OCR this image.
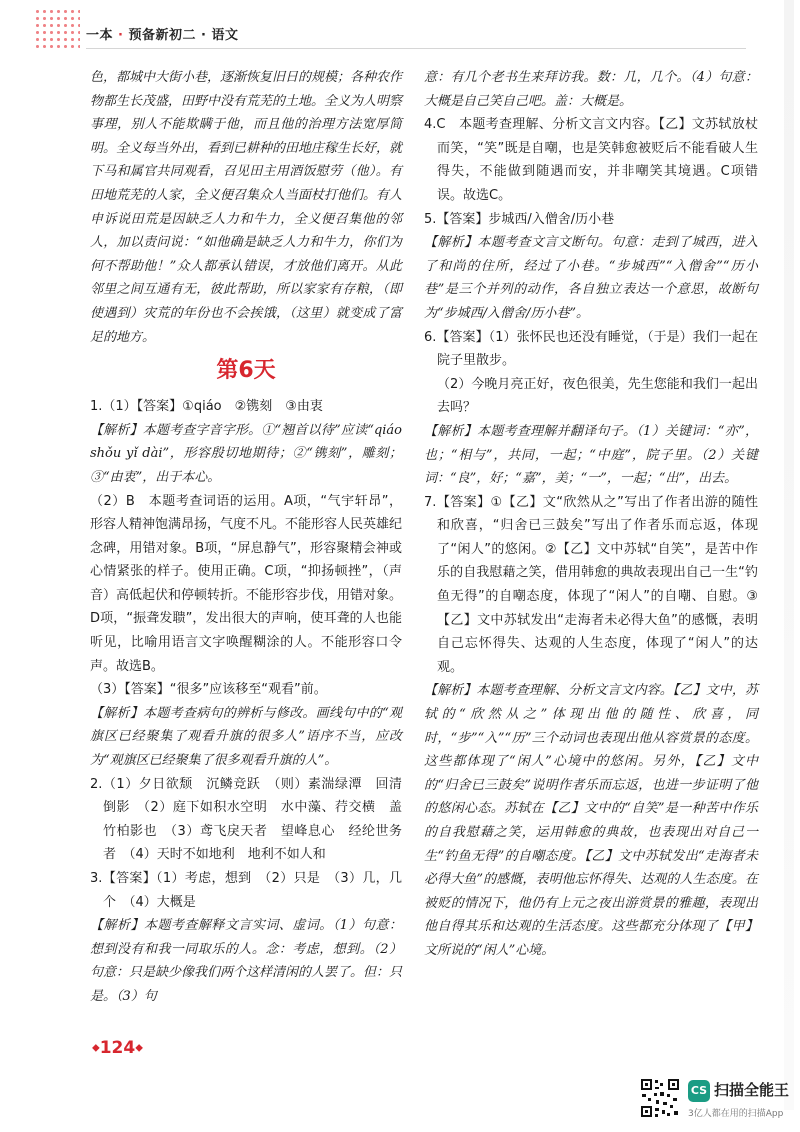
一本 · 预备新初二 · 语文

色，都城中大街小巷，逐渐恢复旧日的规模；各种农作物都生长茂盛，田野中没有荒芜的土地。全义为人明察事理，别人不能欺瞒于他，而且他的治理方法宽厚简明。全义每当外出，看到已耕种的田地庄稼生长好，就下马和属官共同观看，召见田主用酒饭慰劳（他）。有田地荒芜的人家，全义便召集众人当面杖打他们。有人申诉说田荒是因缺乏人力和牛力，全义便召集他的邻人，加以责问说：“如他确是缺乏人力和牛力，你们为何不帮助他！”众人都承认错误，才放他们离开。从此邻里之间互通有无，彼此帮助，所以家家有存粮，（即使遇到）灾荒的年份也不会挨饿，（这里）就变成了富足的地方。

第6天

1.（1）【答案】①qiáo　②镌刻　③由衷

【解析】本题考查字音字形。①“翘首以待”应读“qiáo shǒu yǐ dài”，形容殷切地期待；②“镌刻”，雕刻；③“由衷”，出于本心。

（2）B　本题考查词语的运用。A项，“气宇轩昂”，形容人精神饱满昂扬，气度不凡。不能形容人民英雄纪念碑，用错对象。B项，“屏息静气”，形容聚精会神或心情紧张的样子。使用正确。C项，“抑扬顿挫”，（声音）高低起伏和停顿转折。不能形容步伐，用错对象。D项，“振聋发聩”，发出很大的声响，使耳聋的人也能听见，比喻用语言文字唤醒糊涂的人。不能形容口令声。故选B。

（3）【答案】“很多”应该移至“观看”前。

【解析】本题考查病句的辨析与修改。画线句中的“观旗区已经聚集了观看升旗的很多人”语序不当，应改为“观旗区已经聚集了很多观看升旗的人”。

2.（1）夕日欲颓　沉鳞竞跃　（则）素湍绿潭　回清倒影　（2）庭下如积水空明　水中藻、荇交横　盖竹柏影也　（3）鸢飞戾天者　望峰息心　经纶世务者　（4）天时不如地利　地利不如人和

3.【答案】（1）考虑，想到　（2）只是　（3）几，几个　（4）大概是

【解析】本题考查解释文言实词、虚词。（1）句意：想到没有和我一同取乐的人。念：考虑，想到。（2）句意：只是缺少像我们两个这样清闲的人罢了。但：只是。（3）句

意：有几个老书生来拜访我。数：几，几个。（4）句意：大概是自己笑自己吧。盖：大概是。

4.C　本题考查理解、分析文言文内容。【乙】文苏轼放杖而笑，“笑”既是自嘲，也是笑韩愈被贬后不能看破人生得失，不能做到随遇而安，并非嘲笑其境遇。C项错误。故选C。

5.【答案】步城西/入僧舍/历小巷

【解析】本题考查文言文断句。句意：走到了城西，进入了和尚的住所，经过了小巷。“步城西”“入僧舍”“历小巷”是三个并列的动作，各自独立表达一个意思，故断句为“步城西/入僧舍/历小巷”。

6.【答案】（1）张怀民也还没有睡觉，（于是）我们一起在院子里散步。

（2）今晚月亮正好，夜色很美，先生您能和我们一起出去吗？

【解析】本题考查理解并翻译句子。（1）关键词：“亦”，也；“相与”，共同，一起；“中庭”，院子里。（2）关键词：“良”，好；“嘉”，美；“一”，一起；“出”，出去。

7.【答案】①【乙】文“欣然从之”写出了作者出游的随性和欣喜，“归舍已三鼓矣”写出了作者乐而忘返，体现了“闲人”的悠闲。②【乙】文中苏轼“自笑”，是苦中作乐的自我慰藉之笑，借用韩愈的典故表现出自己一生“钓鱼无得”的自嘲态度，体现了“闲人”的自嘲、自慰。③【乙】文中苏轼发出“走海者未必得大鱼”的感慨，表明自己忘怀得失、达观的人生态度，体现了“闲人”的达观。

【解析】本题考查理解、分析文言文内容。【乙】文中，苏轼的“欣然从之”体现出他的随性、欣喜，同时，“步”“入”“历”三个动词也表现出他从容赏景的态度。这些都体现了“闲人”心境中的悠闲。另外，【乙】文中的“归舍已三鼓矣”说明作者乐而忘返，也进一步证明了他的悠闲心态。苏轼在【乙】文中的“自笑”是一种苦中作乐的自我慰藉之笑，运用韩愈的典故，也表现出对自己一生“钓鱼无得”的自嘲态度。【乙】文中苏轼发出“走海者未必得大鱼”的感慨，表明他忘怀得失、达观的人生态度。在被贬的情况下，他仍有上元之夜出游赏景的雅趣，表现出他自得其乐和达观的生活态度。这些都充分体现了【甲】文所说的“闲人”心境。

◆124◆
CS 扫描全能王
3亿人都在用的扫描App
